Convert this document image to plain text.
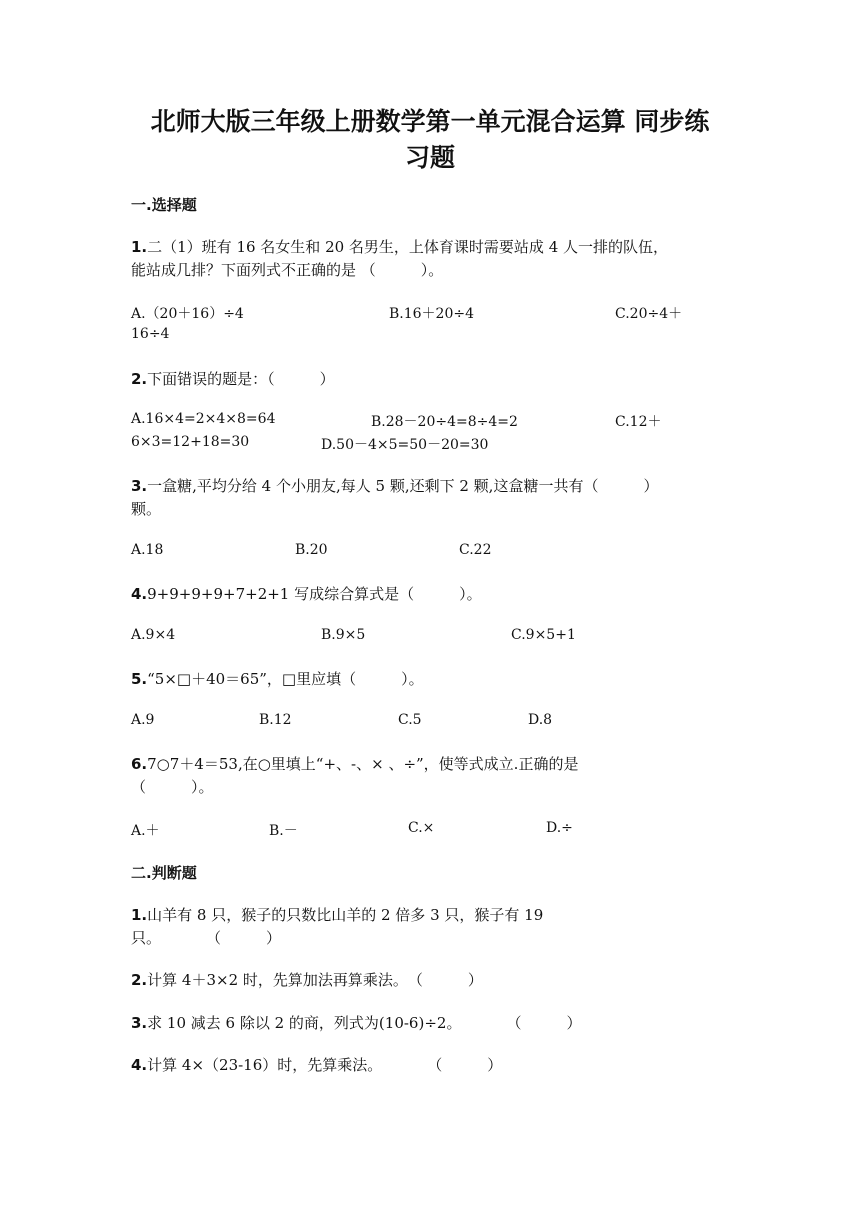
北师大版三年级上册数学第一单元混合运算 同步练
习题
一.选择题
1.二（1）班有 16 名女生和 20 名男生，上体育课时需要站成 4 人一排的队伍，
能站成几排？下面列式不正确的是 （　　　）。
A.（20＋16）÷4	B.16＋20÷4	C.20÷4＋
16÷4
2.下面错误的题是：（　　　）
A.16×4=2×4×8=64	B.28－20÷4=8÷4=2	C.12＋
6×3=12+18=30	D.50－4×5=50－20=30
3.一盒糖,平均分给 4 个小朋友,每人 5 颗,还剩下 2 颗,这盒糖一共有（　　　）
颗。
A.18	B.20	C.22
4.9+9+9+9+7+2+1 写成综合算式是（　　　）。
A.9×4	B.9×5	C.9×5+1
5.“5×□＋40＝65”，□里应填（　　　）。
A.9	B.12	C.5	D.8
6.7○7＋4＝53,在○里填上“+、-、× 、÷”，使等式成立.正确的是
（　　　）。
A.＋	B.－	C.×	D.÷
二.判断题
1.山羊有 8 只，猴子的只数比山羊的 2 倍多 3 只，猴子有 19
只。　　　　（　　　）
2.计算 4＋3×2 时，先算加法再算乘法。　（　　　）
3.求 10 减去 6 除以 2 的商，列式为(10-6)÷2。　　　　（　　　）
4.计算 4×（23-16）时，先算乘法。　　　　（　　　）
